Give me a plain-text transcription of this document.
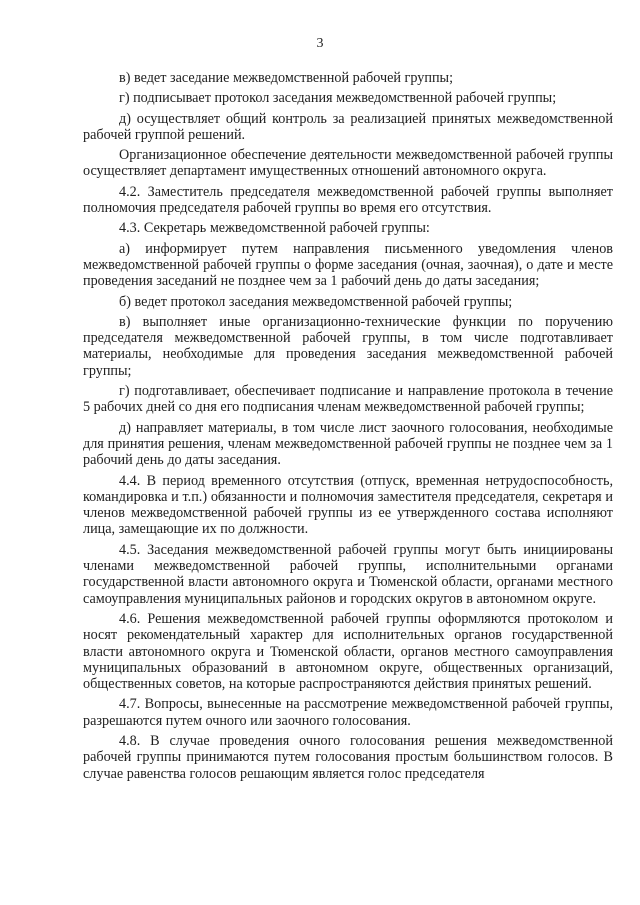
3

в) ведет заседание межведомственной рабочей группы;

г) подписывает протокол заседания межведомственной рабочей группы;

д) осуществляет общий контроль за реализацией принятых межведомственной рабочей группой решений.

Организационное обеспечение деятельности межведомственной рабочей группы осуществляет департамент имущественных отношений автономного округа.

4.2. Заместитель председателя межведомственной рабочей группы выполняет полномочия председателя рабочей группы во время его отсутствия.

4.3. Секретарь межведомственной рабочей группы:

а) информирует путем направления письменного уведомления членов межведомственной рабочей группы о форме заседания (очная, заочная), о дате и месте проведения заседаний не позднее чем за 1 рабочий день до даты заседания;

б) ведет протокол заседания межведомственной рабочей группы;

в) выполняет иные организационно-технические функции по поручению председателя межведомственной рабочей группы, в том числе подготавливает материалы, необходимые для проведения заседания межведомственной рабочей группы;

г) подготавливает, обеспечивает подписание и направление протокола в течение 5 рабочих дней со дня его подписания членам межведомственной рабочей группы;

д) направляет материалы, в том числе лист заочного голосования, необходимые для принятия решения, членам межведомственной рабочей группы не позднее чем за 1 рабочий день до даты заседания.

4.4. В период временного отсутствия (отпуск, временная нетрудоспособность, командировка и т.п.) обязанности и полномочия заместителя председателя, секретаря и членов межведомственной рабочей группы из ее утвержденного состава исполняют лица, замещающие их по должности.

4.5. Заседания межведомственной рабочей группы могут быть инициированы членами межведомственной рабочей группы, исполнительными органами государственной власти автономного округа и Тюменской области, органами местного самоуправления муниципальных районов и городских округов в автономном округе.

4.6. Решения межведомственной рабочей группы оформляются протоколом и носят рекомендательный характер для исполнительных органов государственной власти автономного округа и Тюменской области, органов местного самоуправления муниципальных образований в автономном округе, общественных организаций, общественных советов, на которые распространяются действия принятых решений.

4.7. Вопросы, вынесенные на рассмотрение межведомственной рабочей группы, разрешаются путем очного или заочного голосования.

4.8. В случае проведения очного голосования решения межведомственной рабочей группы принимаются путем голосования простым большинством голосов. В случае равенства голосов решающим является голос председателя
